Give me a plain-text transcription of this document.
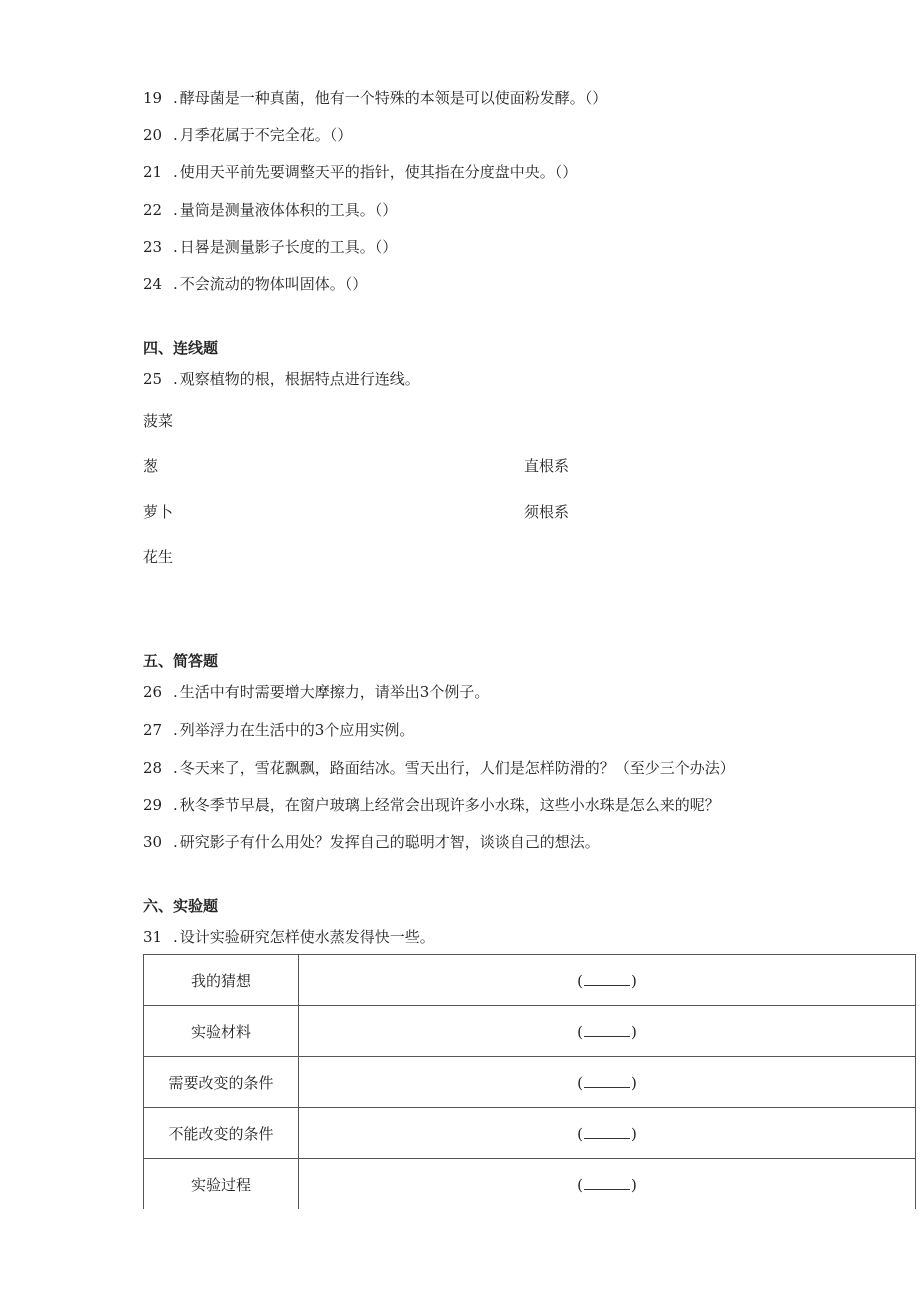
19 . 酵母菌是一种真菌，他有一个特殊的本领是可以使面粉发酵。（）
20 . 月季花属于不完全花。（）
21 . 使用天平前先要调整天平的指针，使其指在分度盘中央。（）
22 . 量筒是测量液体体积的工具。（）
23 . 日晷是测量影子长度的工具。（）
24 . 不会流动的物体叫固体。（）
四、连线题
25 . 观察植物的根，根据特点进行连线。
菠菜
葱
萝卜
花生
直根系
须根系
五、简答题
26 . 生活中有时需要增大摩擦力，请举出3个例子。
27 . 列举浮力在生活中的3个应用实例。
28 . 冬天来了，雪花飘飘，路面结冰。雪天出行，人们是怎样防滑的？（至少三个办法）
29 . 秋冬季节早晨，在窗户玻璃上经常会出现许多小水珠，这些小水珠是怎么来的呢？
30 . 研究影子有什么用处？发挥自己的聪明才智，谈谈自己的想法。
六、实验题
31 . 设计实验研究怎样使水蒸发得快一些。
我的猜想	( )
实验材料	( )
需要改变的条件	( )
不能改变的条件	( )
实验过程	( )
